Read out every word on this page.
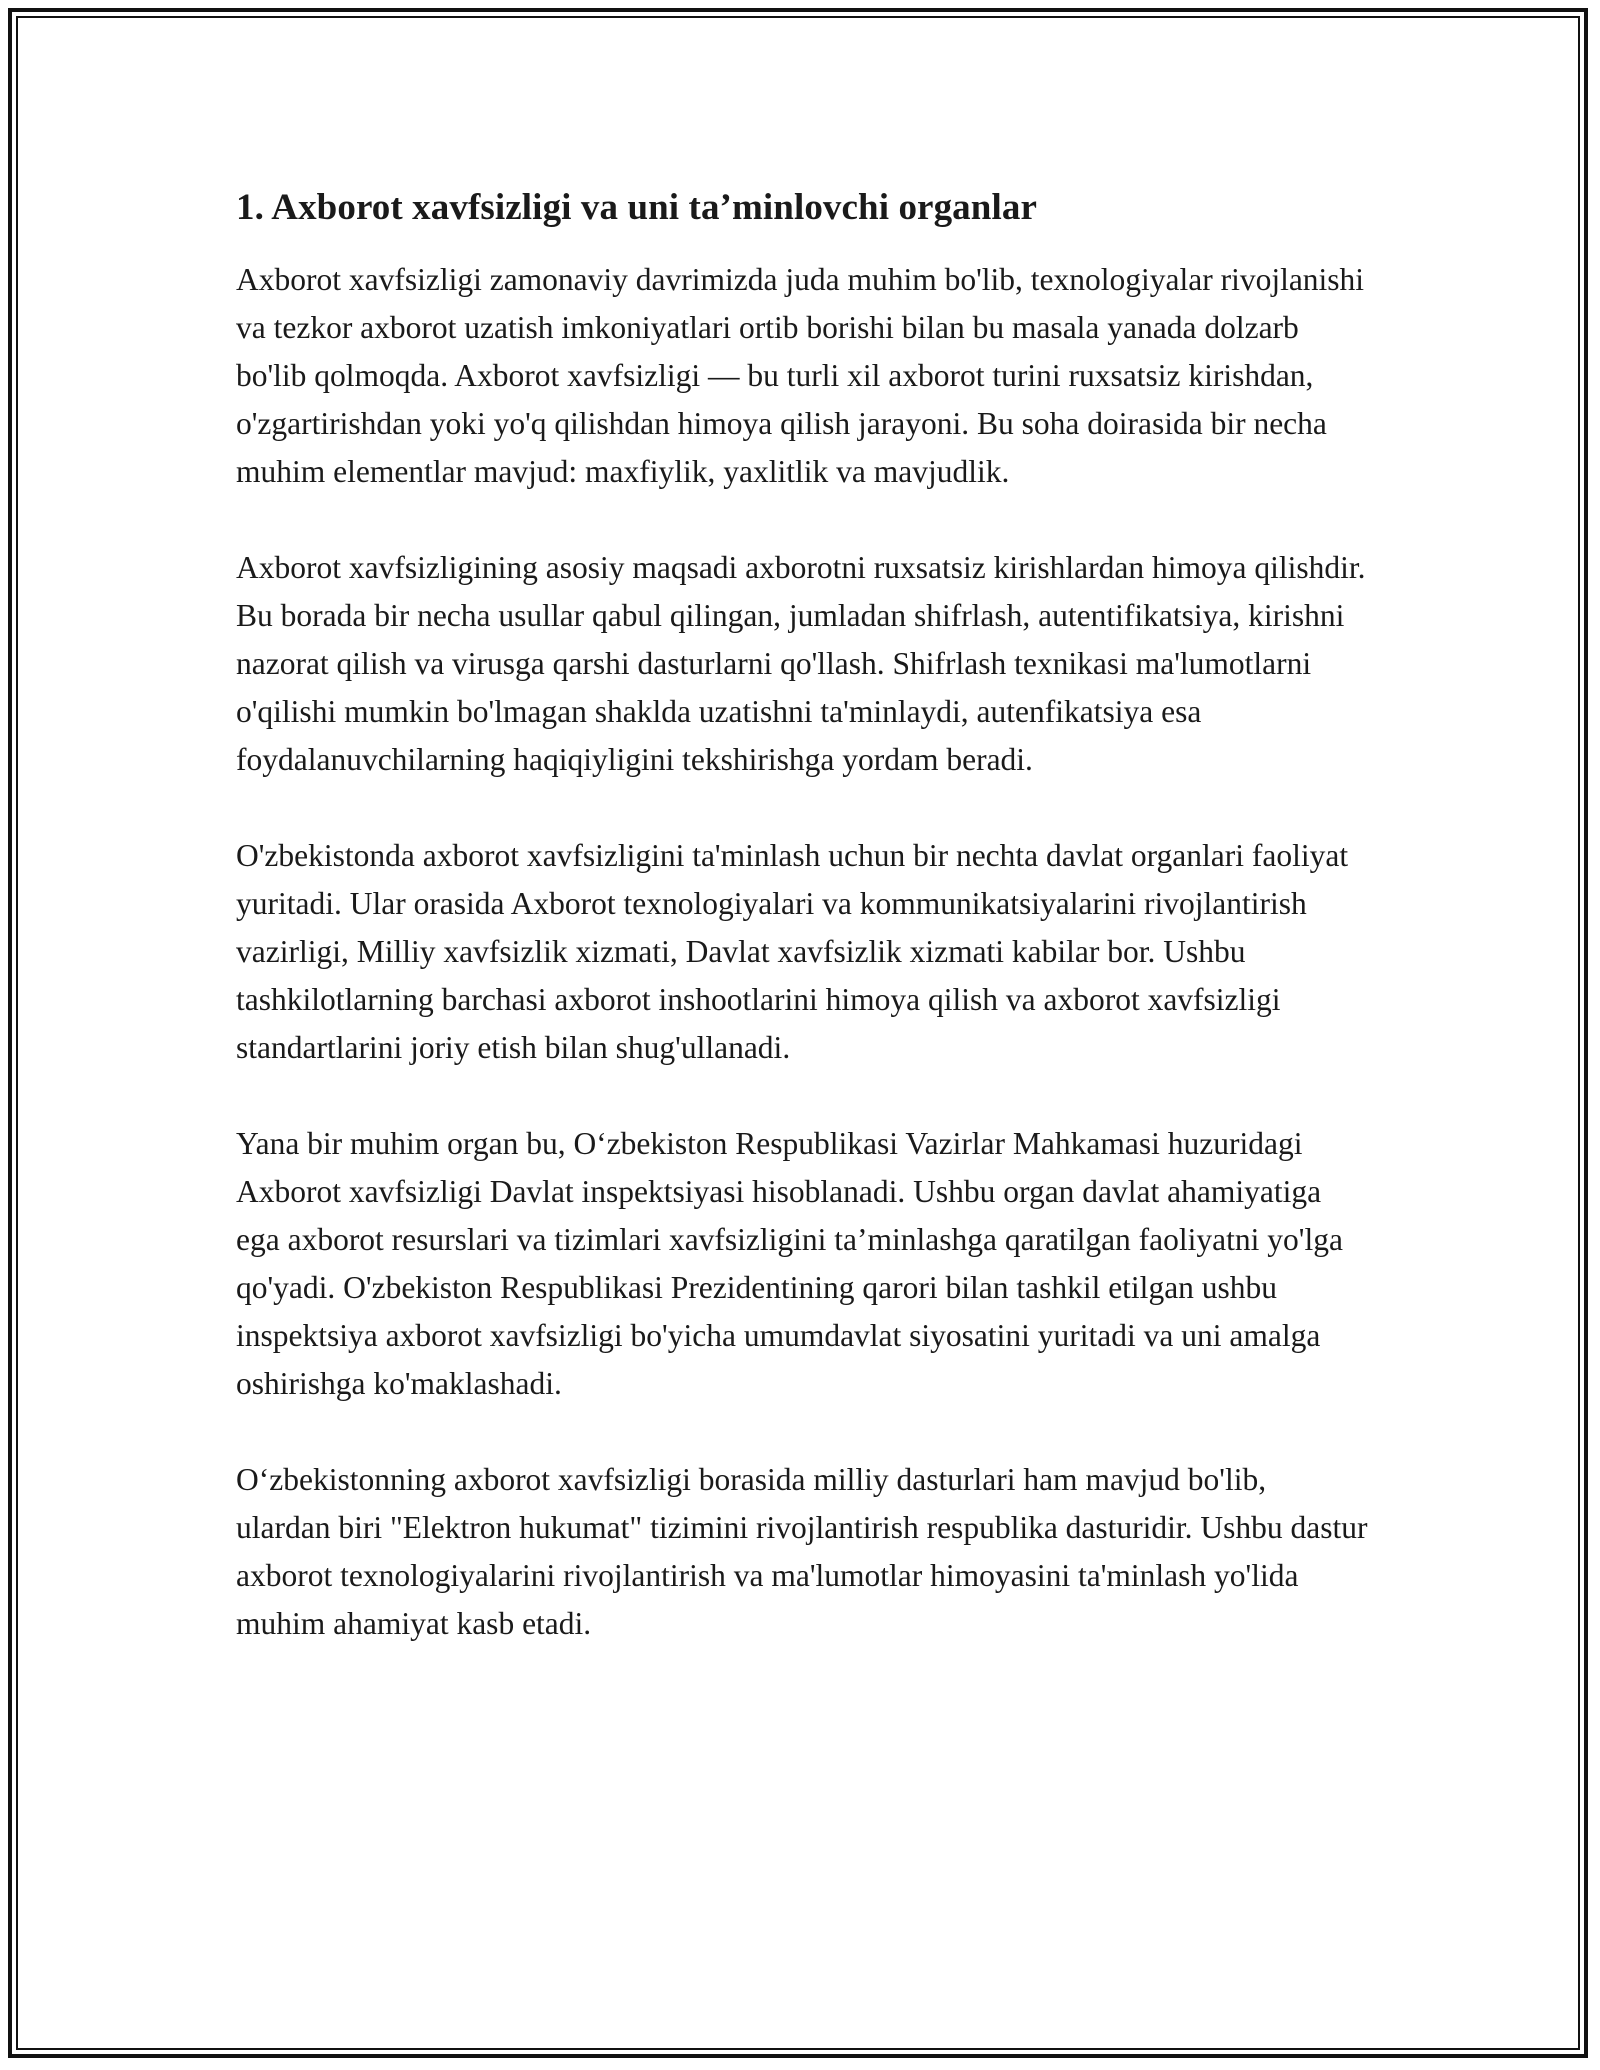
1. Axborot xavfsizligi va uni ta’minlovchi organlar

Axborot xavfsizligi zamonaviy davrimizda juda muhim bo'lib, texnologiyalar rivojlanishi va tezkor axborot uzatish imkoniyatlari ortib borishi bilan bu masala yanada dolzarb bo'lib qolmoqda. Axborot xavfsizligi — bu turli xil axborot turini ruxsatsiz kirishdan, o'zgartirishdan yoki yo'q qilishdan himoya qilish jarayoni. Bu soha doirasida bir necha muhim elementlar mavjud: maxfiylik, yaxlitlik va mavjudlik.

Axborot xavfsizligining asosiy maqsadi axborotni ruxsatsiz kirishlardan himoya qilishdir. Bu borada bir necha usullar qabul qilingan, jumladan shifrlash, autentifikatsiya, kirishni nazorat qilish va virusga qarshi dasturlarni qo'llash. Shifrlash texnikasi ma'lumotlarni o'qilishi mumkin bo'lmagan shaklda uzatishni ta'minlaydi, autenfikatsiya esa foydalanuvchilarning haqiqiyligini tekshirishga yordam beradi.

O'zbekistonda axborot xavfsizligini ta'minlash uchun bir nechta davlat organlari faoliyat yuritadi. Ular orasida Axborot texnologiyalari va kommunikatsiyalarini rivojlantirish vazirligi, Milliy xavfsizlik xizmati, Davlat xavfsizlik xizmati kabilar bor. Ushbu tashkilotlarning barchasi axborot inshootlarini himoya qilish va axborot xavfsizligi standartlarini joriy etish bilan shug'ullanadi.

Yana bir muhim organ bu, O‘zbekiston Respublikasi Vazirlar Mahkamasi huzuridagi Axborot xavfsizligi Davlat inspektsiyasi hisoblanadi. Ushbu organ davlat ahamiyatiga ega axborot resurslari va tizimlari xavfsizligini ta’minlashga qaratilgan faoliyatni yo'lga qo'yadi. O'zbekiston Respublikasi Prezidentining qarori bilan tashkil etilgan ushbu inspektsiya axborot xavfsizligi bo'yicha umumdavlat siyosatini yuritadi va uni amalga oshirishga ko'maklashadi.

O‘zbekistonning axborot xavfsizligi borasida milliy dasturlari ham mavjud bo'lib, ulardan biri "Elektron hukumat" tizimini rivojlantirish respublika dasturidir. Ushbu dastur axborot texnologiyalarini rivojlantirish va ma'lumotlar himoyasini ta'minlash yo'lida muhim ahamiyat kasb etadi.
